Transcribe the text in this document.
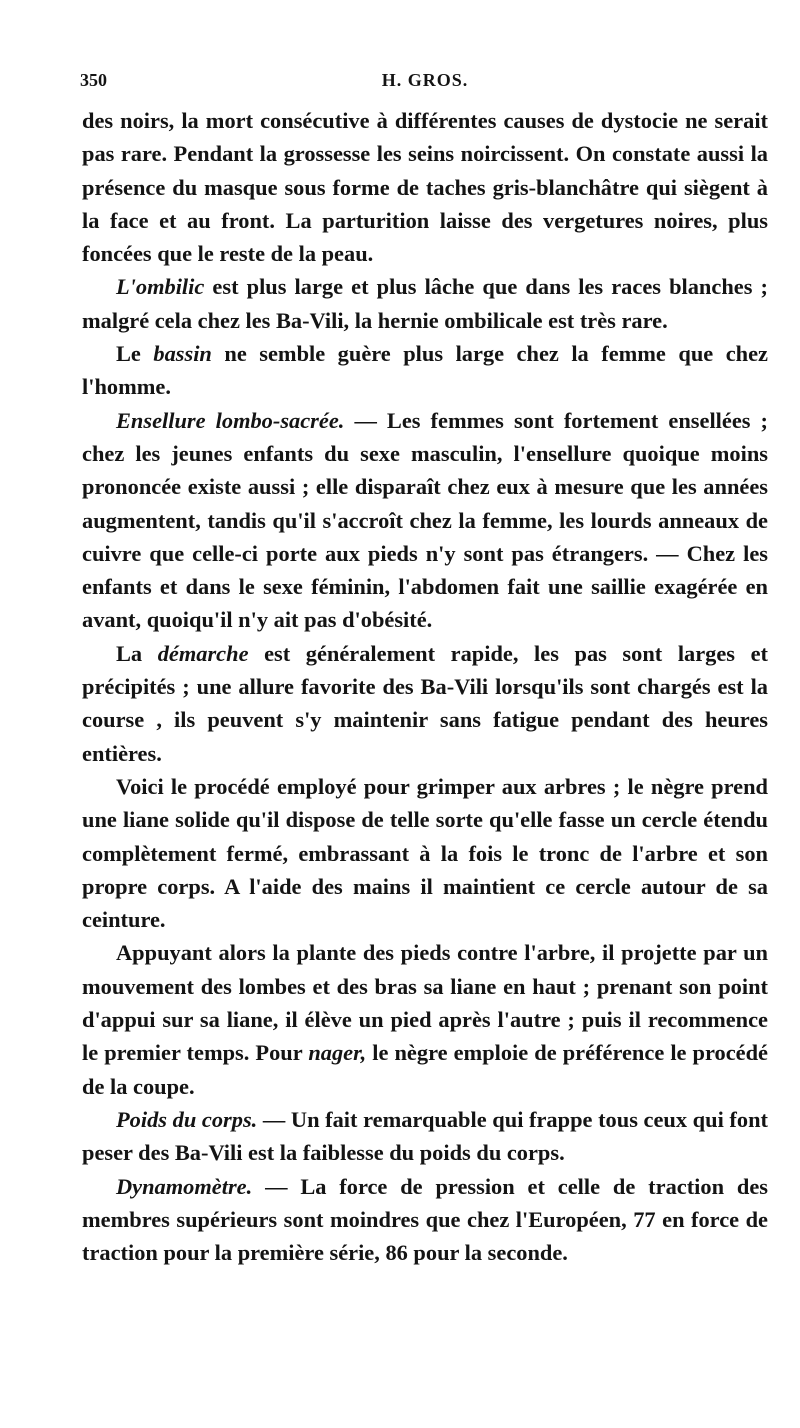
350	H. GROS.

des noirs, la mort consécutive à différentes causes de dystocie ne serait pas rare. Pendant la grossesse les seins noircissent. On constate aussi la présence du masque sous forme de taches gris-blanchâtre qui siègent à la face et au front. La parturition laisse des vergetures noires, plus foncées que le reste de la peau.

L'ombilic est plus large et plus lâche que dans les races blanches ; malgré cela chez les Ba-Vili, la hernie ombilicale est très rare.

Le bassin ne semble guère plus large chez la femme que chez l'homme.

Ensellure lombo-sacrée. — Les femmes sont fortement ensellées ; chez les jeunes enfants du sexe masculin, l'ensellure quoique moins prononcée existe aussi ; elle disparaît chez eux à mesure que les années augmentent, tandis qu'il s'accroît chez la femme, les lourds anneaux de cuivre que celle-ci porte aux pieds n'y sont pas étrangers. — Chez les enfants et dans le sexe féminin, l'abdomen fait une saillie exagérée en avant, quoiqu'il n'y ait pas d'obésité.

La démarche est généralement rapide, les pas sont larges et précipités ; une allure favorite des Ba-Vili lorsqu'ils sont chargés est la course , ils peuvent s'y maintenir sans fatigue pendant des heures entières.

Voici le procédé employé pour grimper aux arbres ; le nègre prend une liane solide qu'il dispose de telle sorte qu'elle fasse un cercle étendu complètement fermé, embrassant à la fois le tronc de l'arbre et son propre corps. A l'aide des mains il maintient ce cercle autour de sa ceinture.

Appuyant alors la plante des pieds contre l'arbre, il projette par un mouvement des lombes et des bras sa liane en haut ; prenant son point d'appui sur sa liane, il élève un pied après l'autre ; puis il recommence le premier temps. Pour nager, le nègre emploie de préférence le procédé de la coupe.

Poids du corps. — Un fait remarquable qui frappe tous ceux qui font peser des Ba-Vili est la faiblesse du poids du corps.

Dynamomètre. — La force de pression et celle de traction des membres supérieurs sont moindres que chez l'Européen, 77 en force de traction pour la première série, 86 pour la seconde.
